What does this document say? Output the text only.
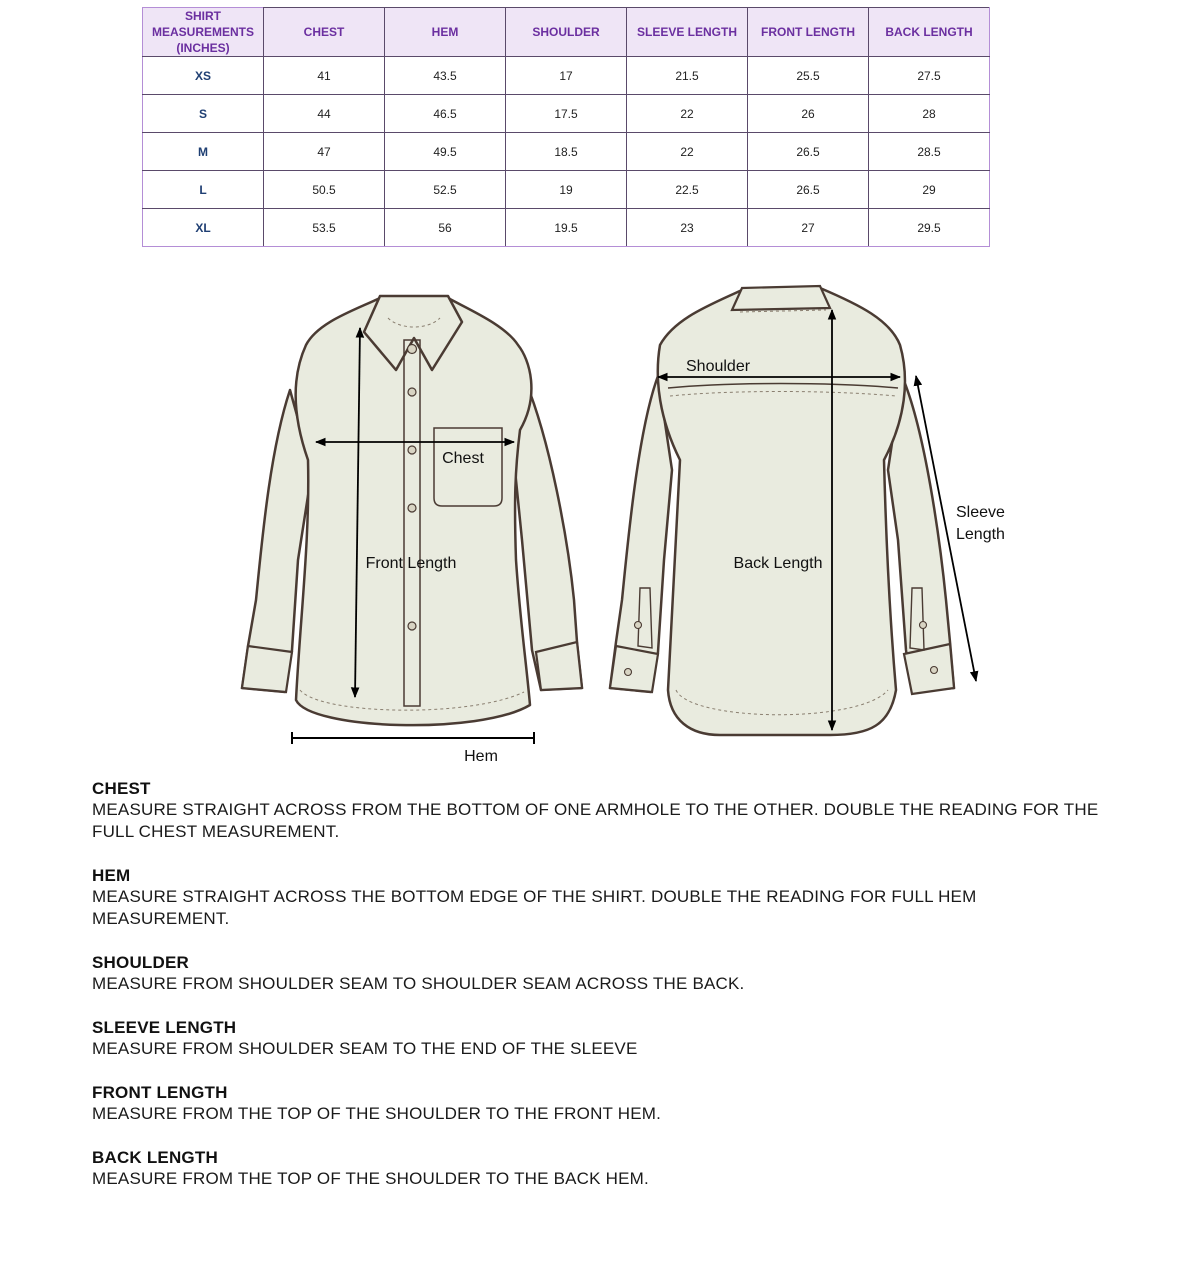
SHIRT MEASUREMENTS (INCHES)	CHEST	HEM	SHOULDER	SLEEVE LENGTH	FRONT LENGTH	BACK LENGTH
XS	41	43.5	17	21.5	25.5	27.5
S	44	46.5	17.5	22	26	28
M	47	49.5	18.5	22	26.5	28.5
L	50.5	52.5	19	22.5	26.5	29
XL	53.5	56	19.5	23	27	29.5
Chest
Front Length
Hem
Shoulder
Back Length
Sleeve
Length
CHEST
MEASURE STRAIGHT ACROSS FROM THE BOTTOM OF ONE ARMHOLE TO THE OTHER. DOUBLE THE READING FOR THE FULL CHEST MEASUREMENT.
HEM
MEASURE STRAIGHT ACROSS THE BOTTOM EDGE OF THE SHIRT. DOUBLE THE READING FOR FULL HEM MEASUREMENT.
SHOULDER
MEASURE FROM SHOULDER SEAM TO SHOULDER SEAM ACROSS THE BACK.
SLEEVE LENGTH
MEASURE FROM SHOULDER SEAM TO THE END OF THE SLEEVE
FRONT LENGTH
MEASURE FROM THE TOP OF THE SHOULDER TO THE FRONT HEM.
BACK LENGTH
MEASURE FROM THE TOP OF THE SHOULDER TO THE BACK HEM.
